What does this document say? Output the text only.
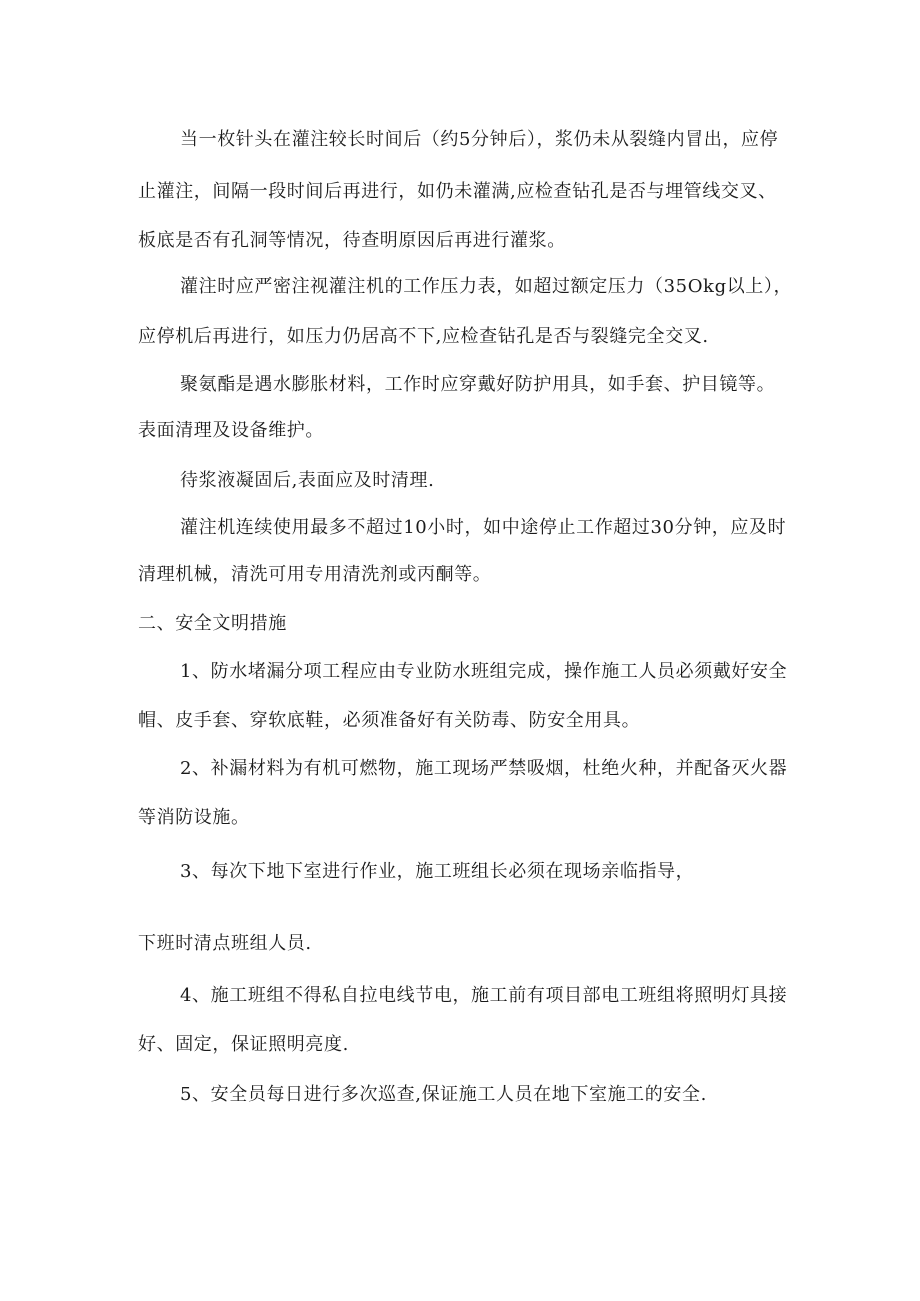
当一枚针头在灌注较长时间后（约5分钟后），浆仍未从裂缝内冒出，应停
止灌注，间隔一段时间后再进行，如仍未灌满,应检查钻孔是否与埋管线交叉、
板底是否有孔洞等情况，待查明原因后再进行灌浆。
灌注时应严密注视灌注机的工作压力表，如超过额定压力（35Okg以上），
应停机后再进行，如压力仍居高不下,应检查钻孔是否与裂缝完全交叉.
聚氨酯是遇水膨胀材料，工作时应穿戴好防护用具，如手套、护目镜等。
表面清理及设备维护。
待浆液凝固后,表面应及时清理.
灌注机连续使用最多不超过10小时，如中途停止工作超过30分钟，应及时
清理机械，清洗可用专用清洗剂或丙酮等。
二、安全文明措施
1、防水堵漏分项工程应由专业防水班组完成，操作施工人员必须戴好安全
帽、皮手套、穿软底鞋，必须准备好有关防毒、防安全用具。
2、补漏材料为有机可燃物，施工现场严禁吸烟，杜绝火种，并配备灭火器
等消防设施。
3、每次下地下室进行作业，施工班组长必须在现场亲临指导，
下班时清点班组人员.
4、施工班组不得私自拉电线节电，施工前有项目部电工班组将照明灯具接
好、固定，保证照明亮度.
5、安全员每日进行多次巡查,保证施工人员在地下室施工的安全.
